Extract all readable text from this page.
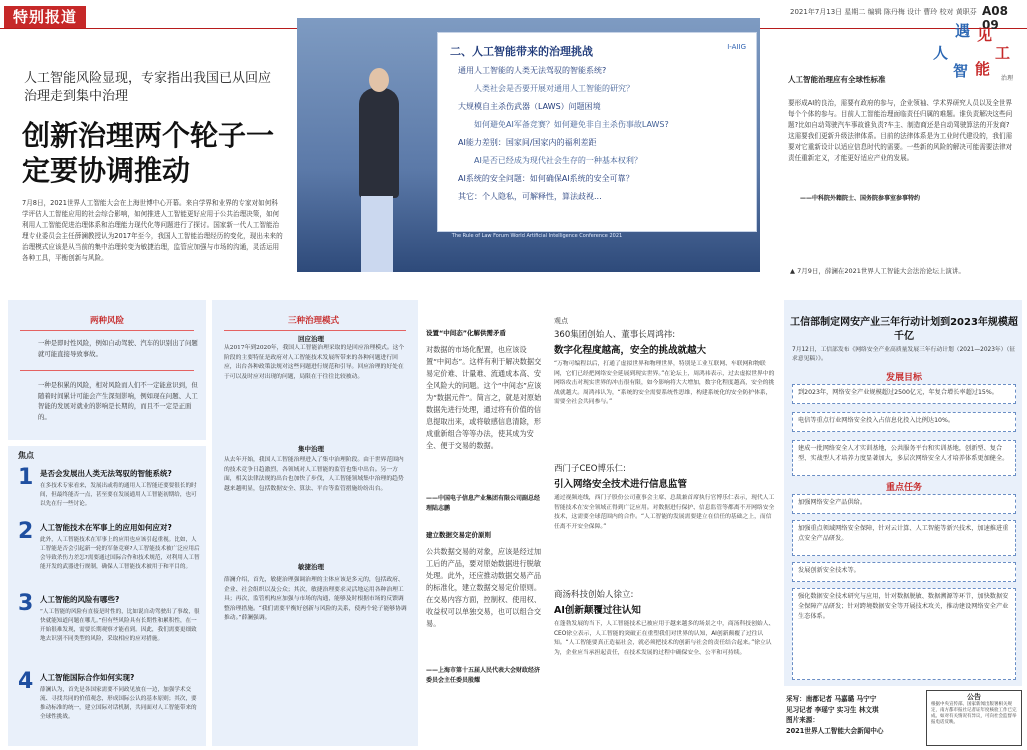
特别报道	2021年7月13日 星期二 编辑 陈丹梅 设计 曹玲 校对 黄职芬 A08 09
人工智能风险显现，专家指出我国已从回应治理走到集中治理
创新治理两个轮子一定要协调推动
7月8日，2021世界人工智能大会在上海世博中心开幕。来自学界和业界的专家对如何科学评估人工智能应用的社会综合影响，如何推进人工智能更好应用于公共治理决策，如何利用人工智能促进治理体系和治理能力现代化等问题进行了探讨。国家新一代人工智能治理专业委员会主任薛澜教授认为2017年至今，我国人工智能治理经历的变化，现出未来的治理模式应该是从当前的集中治理转变为敏捷治理，监管应加强与市场的沟通，灵活运用各种工具，平衡创新与风险。
二、人工智能带来的治理挑战	I-AIIG
通用人工智能的人类无法驾驭的智能系统?
人类社会是否要开展对通用人工智能的研究？
大规模自主杀伤武器（LAWS）问题困境
如何避免AI军备竞赛？如何避免非自主杀伤事故LAWS?
AI能力差别：国家间/国家内的福利差距
AI是否已经成为现代社会生存的一种基本权利？
AI系统的安全问题：如何确保AI系统的安全可靠？
其它：个人隐私，可解释性，算法歧视...
2021世界人工智能大会法治论坛
The Rule of Law Forum World Artificial Intelligence Conference 2021
▲ 7月9日，薛澜在2021世界人工智能大会法治论坛上演讲。
遇 见
人	工
智 能
治理
人工智能治理应有全球性标准
要形成AI的良治，需要有政府的参与，企业领袖、学术界研究人员以及全世界每个个体的参与。目前人工智能治理面临责任归属的难题。谁负责解决这些问题?比如自动驾驶汽车事故谁负责?车主、制造商还是自动驾驶算法的开发商?这需要我们更新升级法律体系。目前的法律体系是为工业时代建设的，我们需要对它重新设计以适应信息时代的需要。一些新的风险的解决可能需要法律对责任重新定义，才能更好适应产业的发展。
——中科院外籍院士、国务院参事室参事特约
两种风险
一种是即时性风险，例如自动驾驶、汽车的识别出了问题就可能直接导致事故。
一种是积累的风险，相对风险而人们不一定能意识到，但随着时间累计可能会产生深刻影响，例如现在问题、人工智能的发展对就业的影响是长期的，而且不一定是正面的。
焦点
1 是否会发展出人类无法驾驭的智能系统?
在多技术专家看来，发展出或将的通用人工智能还要要很长的时间，但最终能否一点，甚至要在发展通用人工智能初期给，也可以先在行一些讨论。
2 人工智能技术在军事上的应用如何应对?
此外，人工智能技术在军事上的应用也应该引起重视。比如，人工智能是否会引起新一轮的军备竞赛?人工智能技术被广泛应用后会导致杀伤力差怎?需要通过国际合作和技术规范，对利用人工智能开发的武器进行规制，确保人工智能技术被用于和平目的。
3 人工智能的风险有哪些?
“人工智能的风险有直接是时性的，比如说自动驾驶出了事故，很快就能知道问题在哪儿。”但有些风险具有长期性和累积性，在一开始很难发现，需要长期观察才能看到。因此，我们需要更细致地去识别不同类型的风险，采取相应的应对措施。
4 人工智能国际合作如何实现?
薛澜认为，首先是各国家需要不同政见放在一边，加强学术交流、寻找共同的价值观念，形成国际公认的基本原则；其次，要推动标准的统一，建立国际对话机制，共同面对人工智能带来的全球性挑战。
三种治理模式
回应治理
从2017年到2020年，我国人工智能治理采取的是回应治理模式。这个阶段的主要特征是政府对人工智能技术发展所带来的各种问题进行回应，出台各种政策法规对这些问题进行规范和引导。回应治理的好处在于可以及时应对出现的问题，局限在于往往比较被动。
集中治理
从去年开始，我国人工智能治理进入了集中治理阶段。由于世界范围内的技术竞争日趋激烈，各领域对人工智能的监管也集中出台。另一方面，相关法律法规的出台也加快了步伐，人工智能领域集中治理的趋势越来越明显，包括数据安全、算法、平台等监管措施纷纷出台。
敏捷治理
薛澜介绍，首先，敏捷治理强调治理的主体应该是多元的，包括政府、企业、社会组织以及公众；其次，敏捷治理要求灵活地运用各种治理工具；再次，监管机构应加强与市场的沟通，能够及时根据市场的反馈调整治理措施。“我们需要平衡好创新与风险的关系，使两个轮子能够协调推动。”薛澜强调。
设置“中间态”化解供需矛盾
对数据的市场化配置，也应该设置“中间态”。这样有利于解决数据交易定价难、计量难、流通成本高、安全风险大的问题。这个“中间态”应该为“数据元件”。简言之，就是对原始数据先进行处理，通过将有价值的信息提取出来，或将敏感信息清除，形成重新组合等等办法，使其成为安全、便于交易的数据。
——中国电子信息产业集团有限公司副总经理陆志鹏
建立数据交易定价原则
公共数据交易的对象，应该是经过加工后的产品，要对原始数据进行脱敏处理。此外，还应推动数据交易产品的标准化，建立数据交易定价原则。在交易内容方面，控制权、使用权、收益权可以单独交易，也可以组合交易。
——上海市第十五届人民代表大会财政经济委员会主任委员殷耀
观点
360集团创始人、董事长周鸿祎:
数字化程度越高，安全的挑战就越大
“万物可编程以后，打通了虚拟世界和物理世界，特别是工业互联网、车联网和物联网，它们已经把网络安全延展到现实世界。”在论坛上，周鸿祎表示，过去虚拟世界中的网络攻击对现实世界的冲击很有限，如今影响将大大增加，数字化程度越高，安全的挑战就越大。周鸿祎认为，“系统的安全需要系统性思维，构建系统化的安全防护体系，需要全社会共同参与。”
西门子CEO博乐仁:
引入网络安全技术进行信息监管
通过视频连线，西门子股份公司董事会主席、总裁兼首席执行官博乐仁表示，现代人工智能技术在安全领域正得到广泛应用。对数据进行保护、信息监管等都离不开网络安全技术，这需要全球范围内的合作。“人工智能的发展需要建立在信任的基础之上，而信任离不开安全保障。”
商汤科技创始人徐立:
AI创新颠覆过往认知
在蓬勃发展的当下，人工智能技术已被应用于越来越多的场景之中，商汤科技创始人、CEO徐立表示，人工智能的突破正在重塑我们对世界的认知，AI创新颠覆了过往认知。“人工智能要真正造福社会，就必须把技术的创新与社会的责任结合起来。”徐立认为，企业应当承担起责任，在技术发展的过程中确保安全、公平和可持续。
工信部制定网安产业三年行动计划到2023年规模超千亿
7月12日，工信部发布《网络安全产业高质量发展三年行动计划（2021—2023年）（征求意见稿）》。
发展目标
到2023年，网络安全产业规模超过2500亿元，年复合增长率超过15%。
电信等重点行业网络安全投入占信息化投入比例达10%。
建成一批网络安全人才实训基地，公共服务平台和实训基地，创新型、复合型、实战型人才培养力度显著加大，多层次网络安全人才培养体系更加健全。
重点任务
加强网络安全产品供给。
加强重点领域网络安全保障，针对云计算、人工智能等新兴技术，加速推进重点安全产品研发。
发展创新安全技术等。
强化数据安全技术研究与应用，针对数据脱敏、数据溯源等环节，加快数据安全保障产品研发；针对跨境数据安全等开展技术攻关，推动建设网络安全产业生态体系。
采写：南都记者 马嘉璐 马宁宁
见习记者 李瑶宁 实习生 林文琪
图片来源：
2021世界人工智能大会新闻中心
公告
根据中央宣传部、国家新闻出版署相关规定，南方都市报社记者证年度核验工作已完成。如对有关情况有异议，可向社会监督举报电话反映。
